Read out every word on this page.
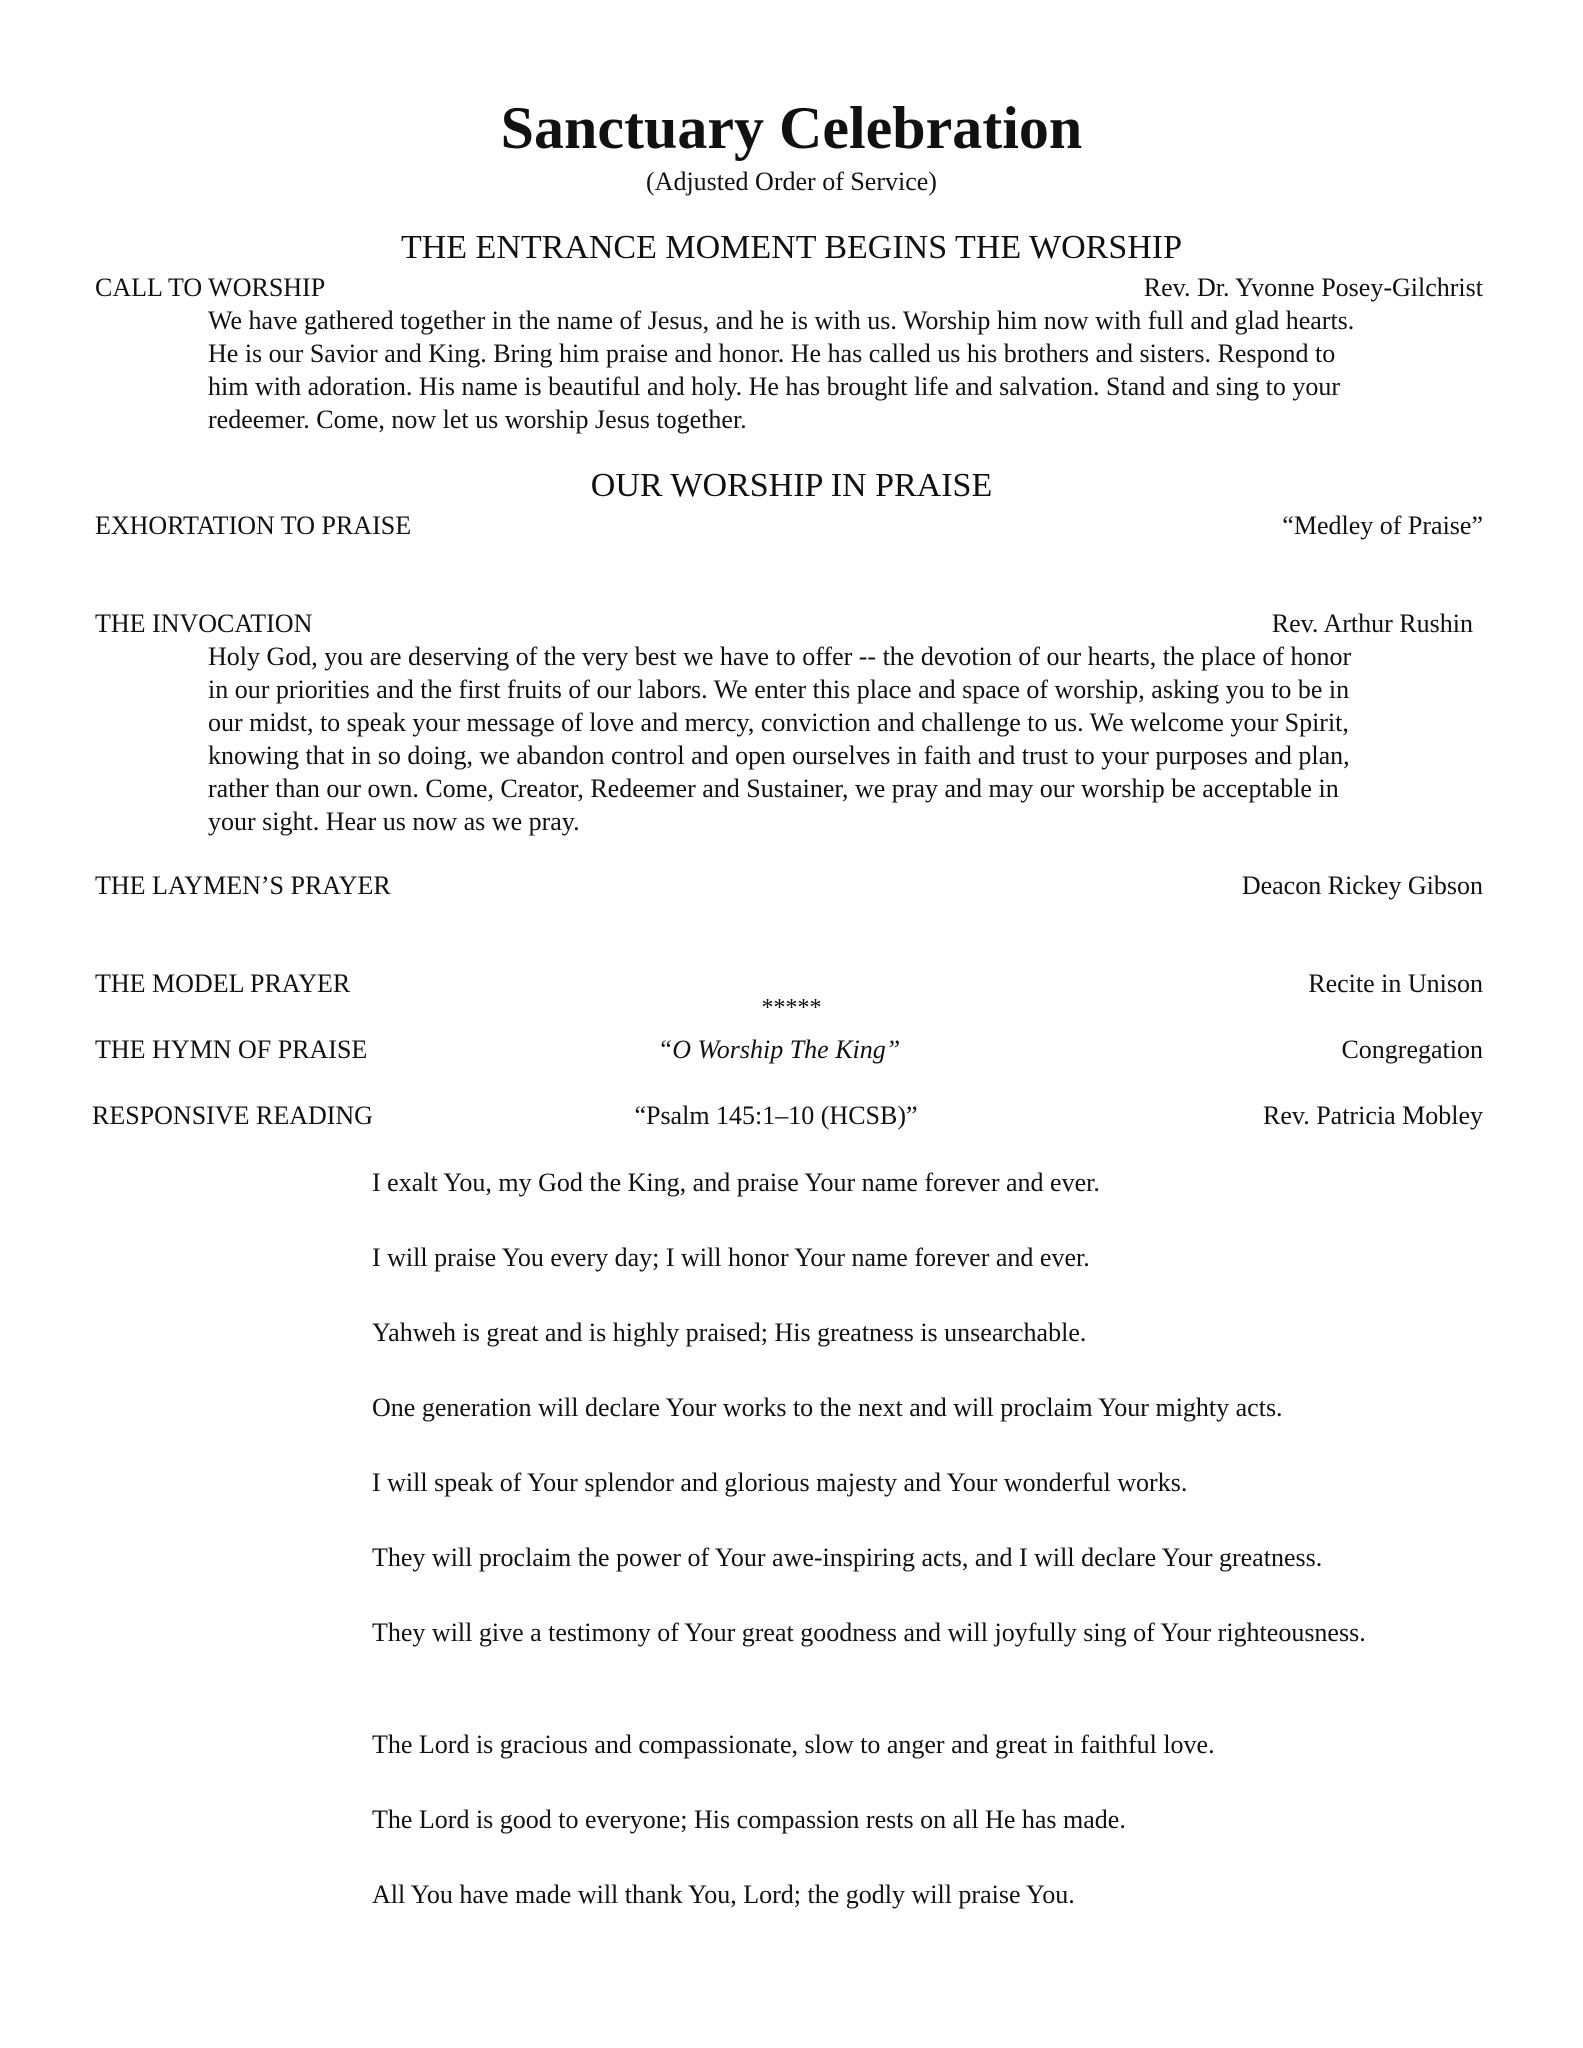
Sanctuary Celebration
(Adjusted Order of Service)
THE ENTRANCE MOMENT BEGINS THE WORSHIP
CALL TO WORSHIP	Rev. Dr. Yvonne Posey-Gilchrist

We have gathered together in the name of Jesus, and he is with us. Worship him now with full and glad hearts. He is our Savior and King. Bring him praise and honor. He has called us his brothers and sisters. Respond to him with adoration. His name is beautiful and holy. He has brought life and salvation. Stand and sing to your redeemer. Come, now let us worship Jesus together.

OUR WORSHIP IN PRAISE
EXHORTATION TO PRAISE	“Medley of Praise”
THE INVOCATION	Rev. Arthur Rushin

Holy God, you are deserving of the very best we have to offer -- the devotion of our hearts, the place of honor in our priorities and the first fruits of our labors. We enter this place and space of worship, asking you to be in our midst, to speak your message of love and mercy, conviction and challenge to us. We welcome your Spirit, knowing that in so doing, we abandon control and open ourselves in faith and trust to your purposes and plan, rather than our own. Come, Creator, Redeemer and Sustainer, we pray and may our worship be acceptable in your sight. Hear us now as we pray.

THE LAYMEN’S PRAYER	Deacon Rickey Gibson
THE MODEL PRAYER	Recite in Unison
*****
THE HYMN OF PRAISE	“O Worship The King”	Congregation
RESPONSIVE READING	“Psalm 145:1–10 (HCSB)”	Rev. Patricia Mobley

I exalt You, my God the King, and praise Your name forever and ever.

I will praise You every day; I will honor Your name forever and ever.

Yahweh is great and is highly praised; His greatness is unsearchable.

One generation will declare Your works to the next and will proclaim Your mighty acts.

I will speak of Your splendor and glorious majesty and Your wonderful works.

They will proclaim the power of Your awe-inspiring acts, and I will declare Your greatness.

They will give a testimony of Your great goodness and will joyfully sing of Your righteousness.

The Lord is gracious and compassionate, slow to anger and great in faithful love.

The Lord is good to everyone; His compassion rests on all He has made.

All You have made will thank You, Lord; the godly will praise You.
